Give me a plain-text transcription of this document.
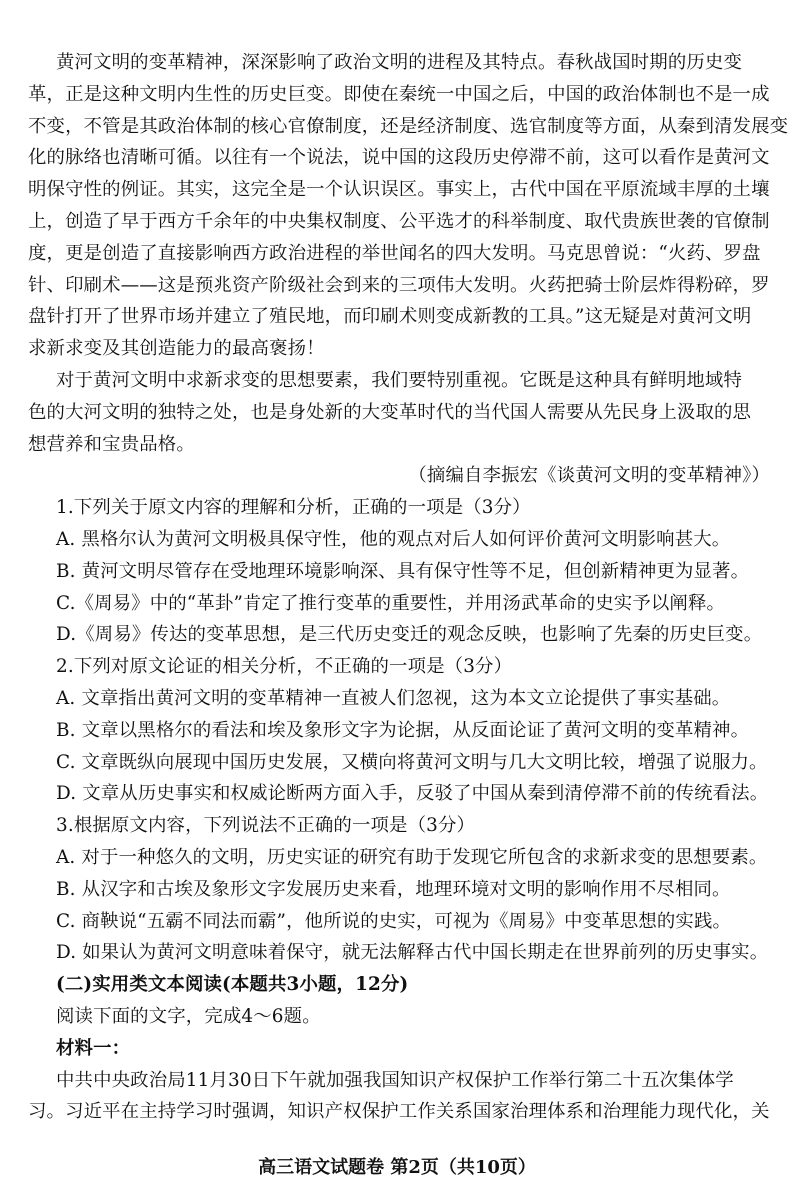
黄河文明的变革精神，深深影响了政治文明的进程及其特点。春秋战国时期的历史变
革，正是这种文明内生性的历史巨变。即使在秦统一中国之后，中国的政治体制也不是一成
不变，不管是其政治体制的核心官僚制度，还是经济制度、选官制度等方面，从秦到清发展变
化的脉络也清晰可循。以往有一个说法，说中国的这段历史停滞不前，这可以看作是黄河文
明保守性的例证。其实，这完全是一个认识误区。事实上，古代中国在平原流域丰厚的土壤
上，创造了早于西方千余年的中央集权制度、公平选才的科举制度、取代贵族世袭的官僚制
度，更是创造了直接影响西方政治进程的举世闻名的四大发明。马克思曾说：“火药、罗盘
针、印刷术——这是预兆资产阶级社会到来的三项伟大发明。火药把骑士阶层炸得粉碎，罗
盘针打开了世界市场并建立了殖民地，而印刷术则变成新教的工具。”这无疑是对黄河文明
求新求变及其创造能力的最高褒扬！
对于黄河文明中求新求变的思想要素，我们要特别重视。它既是这种具有鲜明地域特
色的大河文明的独特之处，也是身处新的大变革时代的当代国人需要从先民身上汲取的思
想营养和宝贵品格。
（摘编自李振宏《谈黄河文明的变革精神》）
1.下列关于原文内容的理解和分析，正确的一项是（3分）
A. 黑格尔认为黄河文明极具保守性，他的观点对后人如何评价黄河文明影响甚大。
B. 黄河文明尽管存在受地理环境影响深、具有保守性等不足，但创新精神更为显著。
C.《周易》中的“革卦”肯定了推行变革的重要性，并用汤武革命的史实予以阐释。
D.《周易》传达的变革思想，是三代历史变迁的观念反映，也影响了先秦的历史巨变。
2.下列对原文论证的相关分析，不正确的一项是（3分）
A. 文章指出黄河文明的变革精神一直被人们忽视，这为本文立论提供了事实基础。
B. 文章以黑格尔的看法和埃及象形文字为论据，从反面论证了黄河文明的变革精神。
C. 文章既纵向展现中国历史发展，又横向将黄河文明与几大文明比较，增强了说服力。
D. 文章从历史事实和权威论断两方面入手，反驳了中国从秦到清停滞不前的传统看法。
3.根据原文内容，下列说法不正确的一项是（3分）
A. 对于一种悠久的文明，历史实证的研究有助于发现它所包含的求新求变的思想要素。
B. 从汉字和古埃及象形文字发展历史来看，地理环境对文明的影响作用不尽相同。
C. 商鞅说“五霸不同法而霸”，他所说的史实，可视为《周易》中变革思想的实践。
D. 如果认为黄河文明意味着保守，就无法解释古代中国长期走在世界前列的历史事实。
(二)实用类文本阅读(本题共3小题，12分)
阅读下面的文字，完成4～6题。
材料一：
中共中央政治局11月30日下午就加强我国知识产权保护工作举行第二十五次集体学
习。习近平在主持学习时强调，知识产权保护工作关系国家治理体系和治理能力现代化，关
高三语文试题卷 第2页（共10页）
